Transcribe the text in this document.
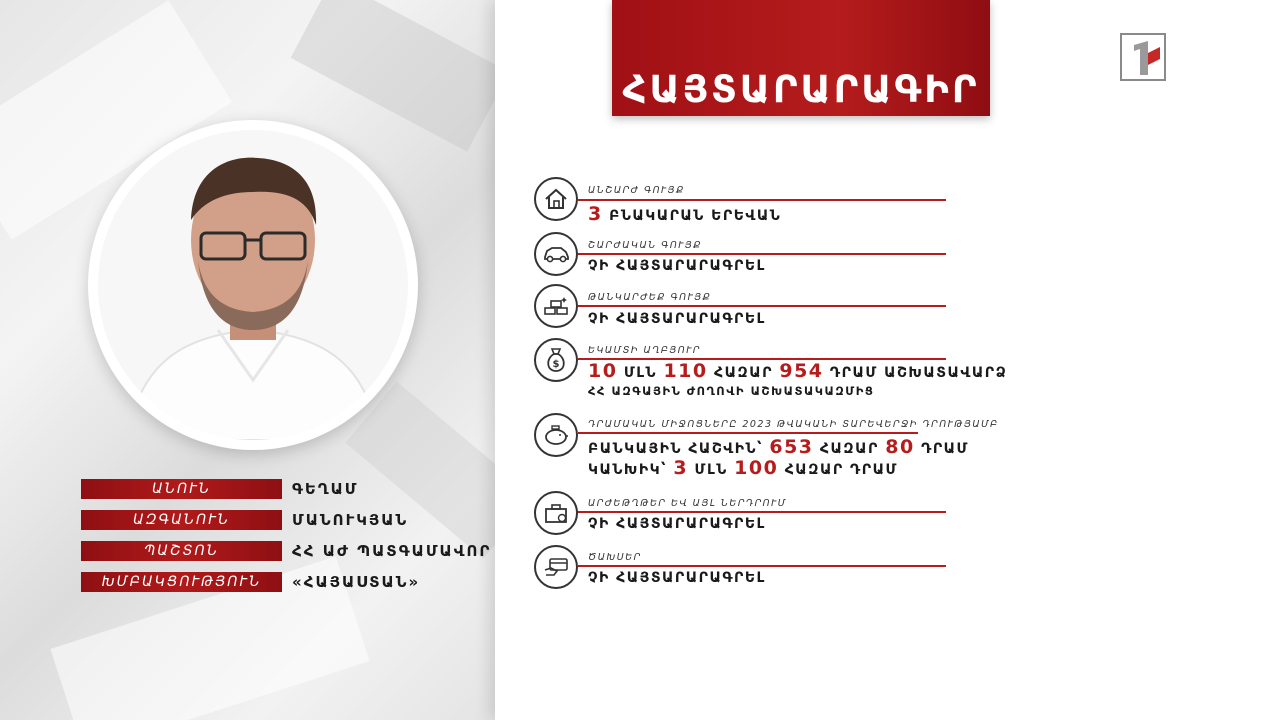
ՀԱՅՏԱՐԱՐԱԳԻՐ
ԱՆՇԱՐԺ ԳՈՒՅՔ
3 ԲՆԱԿԱՐԱՆ ԵՐԵՎԱՆ
ՇԱՐԺԱԿԱՆ ԳՈՒՅՔ
ՉԻ ՀԱՅՏԱՐԱՐԱԳՐԵԼ
ԹԱՆԿԱՐԺԵՔ ԳՈՒՅՔ
ՉԻ ՀԱՅՏԱՐԱՐԱԳՐԵԼ
$
ԵԿԱՄՏԻ ԱՂԲՅՈՒՐ
10 ՄԼՆ 110 ՀԱԶԱՐ 954 ԴՐԱՄ ԱՇԽԱՏԱՎԱՐՁ
ՀՀ ԱԶԳԱՅԻՆ ԺՈՂՈՎԻ ԱՇԽԱՏԱԿԱԶՄԻՑ
ԴՐԱՄԱԿԱՆ ՄԻՋՈՑՆԵՐԸ 2023 ԹՎԱԿԱՆԻ ՏԱՐԵՎԵՐՋԻ ԴՐՈՒԹՅԱՄԲ
ԲԱՆԿԱՅԻՆ ՀԱՇՎԻՆ՝ 653 ՀԱԶԱՐ 80 ԴՐԱՄ
ԿԱՆԽԻԿ՝ 3 ՄԼՆ 100 ՀԱԶԱՐ ԴՐԱՄ
ԱՐԺԵԹՂԹԵՐ ԵՎ ԱՅԼ ՆԵՐԴՐՈՒՄ
ՉԻ ՀԱՅՏԱՐԱՐԱԳՐԵԼ
ԾԱԽՍԵՐ
ՉԻ ՀԱՅՏԱՐԱՐԱԳՐԵԼ
ԱՆՈՒՆ	ԳԵՂԱՄ
ԱԶԳԱՆՈՒՆ	ՄԱՆՈՒԿՅԱՆ
ՊԱՇՏՈՆ	ՀՀ ԱԺ ՊԱՏԳԱՄԱՎՈՐ
ԽՄԲԱԿՑՈՒԹՅՈՒՆ	«ՀԱՅԱՍՏԱՆ»
